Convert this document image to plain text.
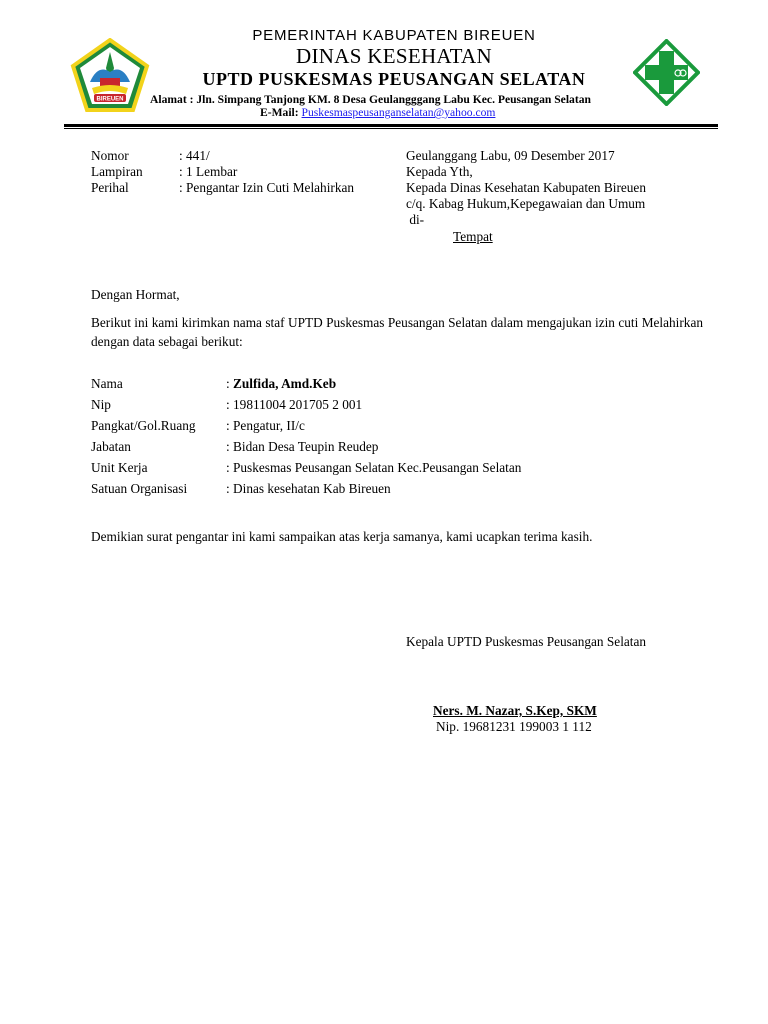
BIREUEN
PEMERINTAH KABUPATEN BIREUEN
DINAS KESEHATAN
UPTD PUSKESMAS PEUSANGAN SELATAN
Alamat : Jln. Simpang Tanjong KM. 8 Desa Geulangggang Labu Kec. Peusangan Selatan
E-Mail: Puskesmaspeusanganselatan@yahoo.com
Nomor	: 441/
Lampiran	: 1 Lembar
Perihal	: Pengantar Izin Cuti Melahirkan
Geulanggang Labu, 09 Desember 2017
Kepada Yth,
Kepada Dinas Kesehatan Kabupaten Bireuen
c/q. Kabag Hukum,Kepegawaian dan Umum
di-
Tempat
Dengan Hormat,
Berikut ini kami kirimkan nama staf UPTD Puskesmas Peusangan Selatan dalam mengajukan izin cuti Melahirkan dengan data sebagai berikut:
Nama	: Zulfida, Amd.Keb
Nip	: 19811004 201705 2 001
Pangkat/Gol.Ruang : Pengatur, II/c
Jabatan	: Bidan Desa Teupin Reudep
Unit Kerja	: Puskesmas Peusangan Selatan Kec.Peusangan Selatan
Satuan Organisasi	: Dinas kesehatan Kab Bireuen
Demikian surat pengantar ini kami sampaikan atas kerja samanya, kami ucapkan terima kasih.
Kepala UPTD Puskesmas Peusangan Selatan
Ners. M. Nazar, S.Kep, SKM
Nip. 19681231 199003 1 112
